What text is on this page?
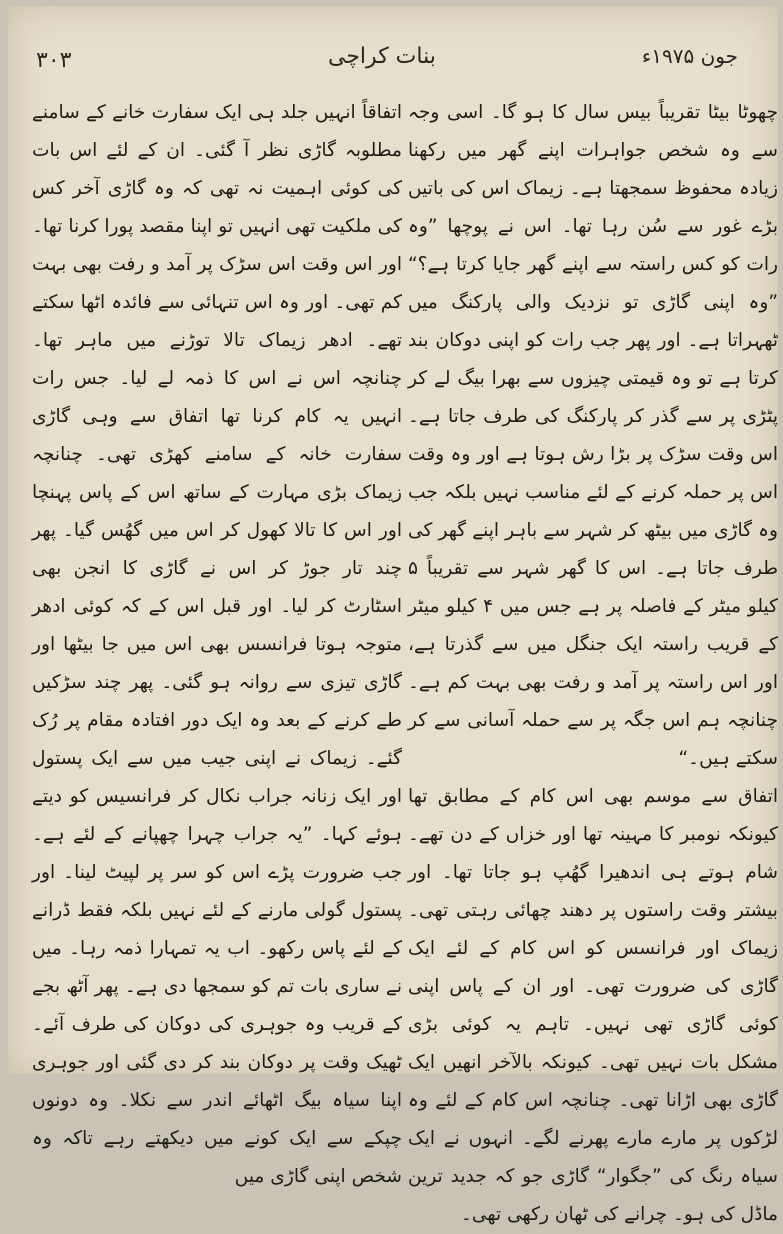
۳۰۳	بنات کراچی	جون ۱۹۷۵ء

چھوٹا بیٹا تقریباً بیس سال کا ہو گا۔ اسی وجہ سے وہ شخص جواہرات اپنے گھر میں رکھنا زیادہ محفوظ سمجھتا ہے۔ زیماک اس کی باتیں بڑے غور سے سُن رہا تھا۔ اس نے پوچھا ”وہ رات کو کس راستہ سے اپنے گھر جایا کرتا ہے؟“ ”وہ اپنی گاڑی تو نزدیک والی پارکنگ میں ٹھہراتا ہے۔ اور پھر جب رات کو اپنی دوکان بند کرتا ہے تو وہ قیمتی چیزوں سے بھرا بیگ لے کر پٹڑی پر سے گذر کر پارکنگ کی طرف جاتا ہے۔ اس وقت سڑک پر بڑا رش ہوتا ہے اور وہ وقت اس پر حملہ کرنے کے لئے مناسب نہیں بلکہ جب وہ گاڑی میں بیٹھ کر شہر سے باہر اپنے گھر کی طرف جاتا ہے۔ اس کا گھر شہر سے تقریباً ۵ کیلو میٹر کے فاصلہ پر ہے جس میں ۴ کیلو میٹر کے قریب راستہ ایک جنگل میں سے گذرتا ہے، اور اس راستہ پر آمد و رفت بھی بہت کم ہے۔ چنانچہ ہم اس جگہ پر سے حملہ آسانی سے کر سکتے ہیں۔“

اتفاق سے موسم بھی اس کام کے مطابق تھا کیونکہ نومبر کا مہینہ تھا اور خزاں کے دن تھے۔ شام ہوتے ہی اندھیرا گھُپ ہو جاتا تھا۔ اور بیشتر وقت راستوں پر دھند چھائی رہتی تھی۔ زیماک اور فرانسس کو اس کام کے لئے ایک گاڑی کی ضرورت تھی۔ اور ان کے پاس اپنی کوئی گاڑی تھی نہیں۔ تاہم یہ کوئی بڑی مشکل بات نہیں تھی۔ کیونکہ بالآخر انھیں ایک گاڑی بھی اڑانا تھی۔ چنانچہ اس کام کے لئے وہ لڑکوں پر مارے مارے پھرنے لگے۔ انہوں نے ایک سیاہ رنگ کی ”جگوار“ گاڑی جو کہ جدید ترین ماڈل کی ہو۔ چرانے کی ٹھان رکھی تھی۔

اتفاقاً انہیں جلد ہی ایک سفارت خانے کے سامنے مطلوبہ گاڑی نظر آ گئی۔ ان کے لئے اس بات کی کوئی اہمیت نہ تھی کہ وہ گاڑی آخر کس کی ملکیت تھی انہیں تو اپنا مقصد پورا کرنا تھا۔ اور اس وقت اس سڑک پر آمد و رفت بھی بہت کم تھی۔ اور وہ اس تنہائی سے فائدہ اٹھا سکتے تھے۔ ادھر زیماک تالا توڑنے میں ماہر تھا۔ چنانچہ اس نے اس کا ذمہ لے لیا۔ جس رات انہیں یہ کام کرنا تھا اتفاق سے وہی گاڑی سفارت خانہ کے سامنے کھڑی تھی۔ چنانچہ زیماک بڑی مہارت کے ساتھ اس کے پاس پہنچا اور اس کا تالا کھول کر اس میں گھُس گیا۔ پھر چند تار جوڑ کر اس نے گاڑی کا انجن بھی اسٹارٹ کر لیا۔ اور قبل اس کے کہ کوئی ادھر متوجہ ہوتا فرانسس بھی اس میں جا بیٹھا اور گاڑی تیزی سے روانہ ہو گئی۔ پھر چند سڑکیں طے کرنے کے بعد وہ ایک دور افتادہ مقام پر رُک گئے۔ زیماک نے اپنی جیب میں سے ایک پستول اور ایک زنانہ جراب نکال کر فرانسیس کو دیتے ہوئے کہا۔ ”یہ جراب چہرا چھپانے کے لئے ہے۔ جب ضرورت پڑے اس کو سر پر لپیٹ لینا۔ اور پستول گولی مارنے کے لئے نہیں بلکہ فقط ڈرانے کے لئے پاس رکھو۔ اب یہ تمہارا ذمہ رہا۔ میں نے ساری بات تم کو سمجھا دی ہے۔ پھر آٹھ بجے کے قریب وہ جوہری کی دوکان کی طرف آئے۔ ٹھیک وقت پر دوکان بند کر دی گئی اور جوہری اپنا سیاہ بیگ اٹھائے اندر سے نکلا۔ وہ دونوں چپکے سے ایک کونے میں دیکھتے رہے تاکہ وہ شخص اپنی گاڑی میں
